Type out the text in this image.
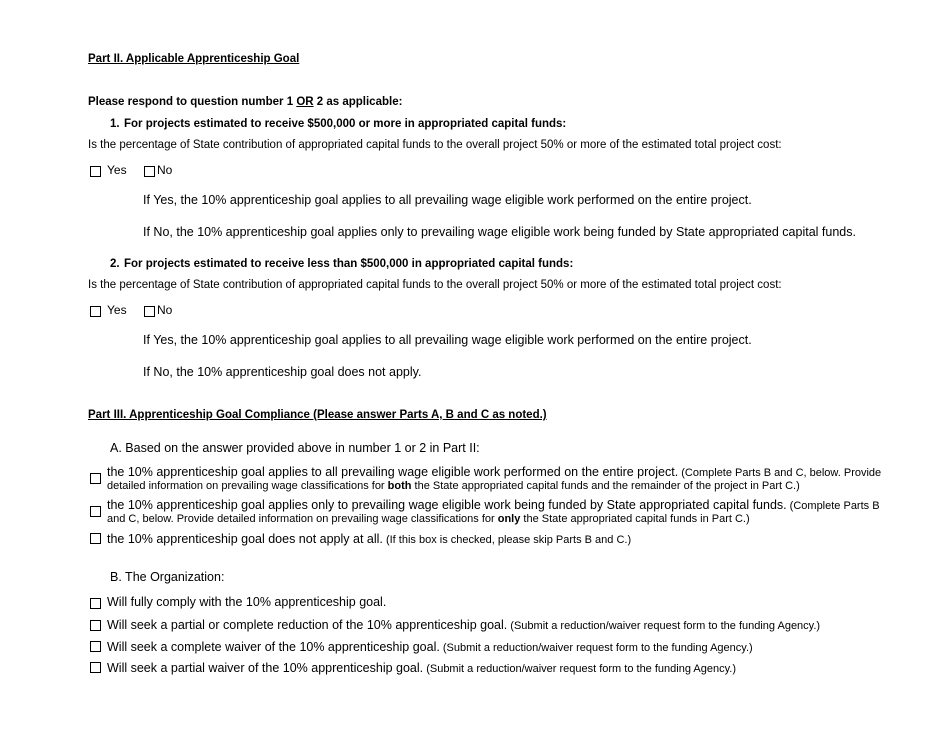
Part II. Applicable Apprenticeship Goal
Please respond to question number 1 OR 2 as applicable:
1. For projects estimated to receive $500,000 or more in appropriated capital funds:
Is the percentage of State contribution of appropriated capital funds to the overall project 50% or more of the estimated total project cost:
Yes	No
If Yes, the 10% apprenticeship goal applies to all prevailing wage eligible work performed on the entire project.
If No, the 10% apprenticeship goal applies only to prevailing wage eligible work being funded by State appropriated capital funds.
2. For projects estimated to receive less than $500,000 in appropriated capital funds:
Is the percentage of State contribution of appropriated capital funds to the overall project 50% or more of the estimated total project cost:
Yes	No
If Yes, the 10% apprenticeship goal applies to all prevailing wage eligible work performed on the entire project.
If No, the 10% apprenticeship goal does not apply.
Part III. Apprenticeship Goal Compliance (Please answer Parts A, B and C as noted.)
A. Based on the answer provided above in number 1 or 2 in Part II:
the 10% apprenticeship goal applies to all prevailing wage eligible work performed on the entire project. (Complete Parts B and C, below. Provide
detailed information on prevailing wage classifications for both the State appropriated capital funds and the remainder of the project in Part C.)
the 10% apprenticeship goal applies only to prevailing wage eligible work being funded by State appropriated capital funds. (Complete Parts B
and C, below. Provide detailed information on prevailing wage classifications for only the State appropriated capital funds in Part C.)
the 10% apprenticeship goal does not apply at all. (If this box is checked, please skip Parts B and C.)
B. The Organization:
Will fully comply with the 10% apprenticeship goal.
Will seek a partial or complete reduction of the 10% apprenticeship goal. (Submit a reduction/waiver request form to the funding Agency.)
Will seek a complete waiver of the 10% apprenticeship goal. (Submit a reduction/waiver request form to the funding Agency.)
Will seek a partial waiver of the 10% apprenticeship goal. (Submit a reduction/waiver request form to the funding Agency.)
